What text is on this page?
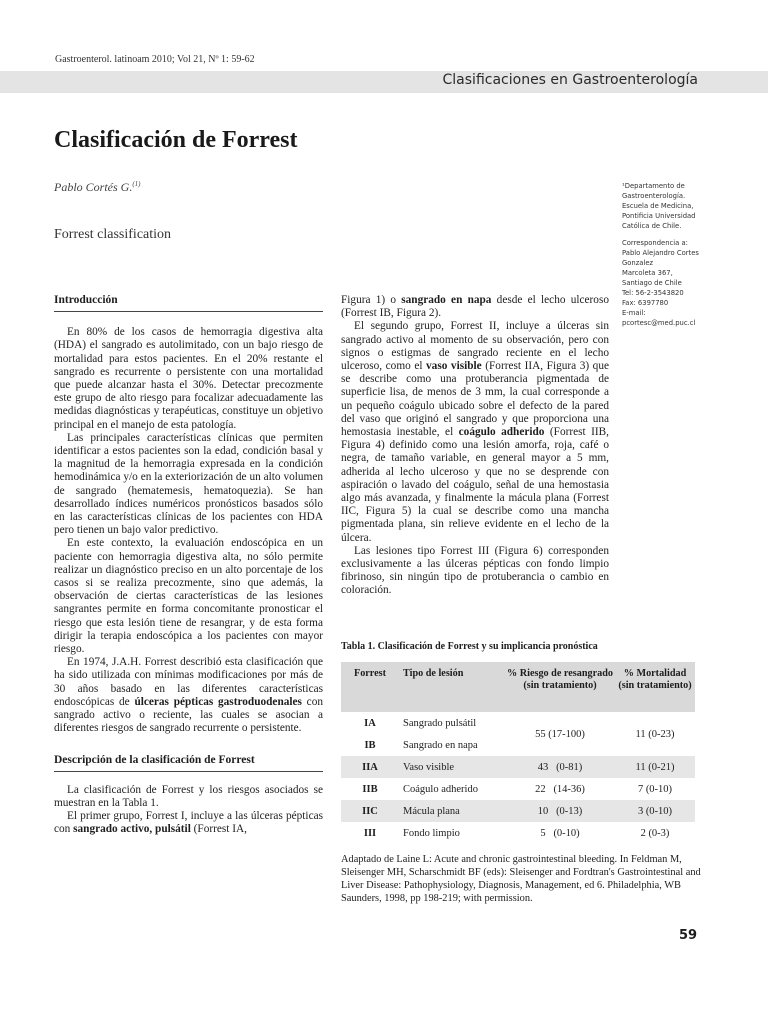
Gastroenterol. latinoam 2010; Vol 21, Nº 1: 59-62
Clasificaciones en Gastroenterología
Clasificación de Forrest
Pablo Cortés G.$^{(1)}$
Forrest classification

¹Departamento de

Gastroenterología.

Escuela de Medicina,

Pontificia Universidad

Católica de Chile.

Correspondencia a:

Pablo Alejandro Cortes

Gonzalez

Marcoleta 367,

Santiago de Chile

Tel: 56-2-3543820

Fax: 6397780

E-mail:

pcortesc@med.puc.cl

Introducción

En 80% de los casos de hemorragia digestiva alta (HDA) el sangrado es autolimitado, con un bajo riesgo de mortalidad para estos pacientes. En el 20% restante el sangrado es recurrente o persistente con una mortalidad que puede alcanzar hasta el 30%. Detectar precozmente este grupo de alto riesgo para focalizar adecuadamente las medidas diagnósticas y terapéuticas, constituye un objetivo principal en el manejo de esta patología.

Las principales características clínicas que permiten identificar a estos pacientes son la edad, condición basal y la magnitud de la hemorragia expresada en la condición hemodinámica y/o en la exteriorización de un alto volumen de sangrado (hematemesis, hematoquezia). Se han desarrollado índices numéricos pronósticos basados sólo en las características clínicas de los pacientes con HDA pero tienen un bajo valor predictivo.

En este contexto, la evaluación endoscópica en un paciente con hemorragia digestiva alta, no sólo permite realizar un diagnóstico preciso en un alto porcentaje de los casos si se realiza precozmente, sino que además, la observación de ciertas características de las lesiones sangrantes permite en forma concomitante pronosticar el riesgo que esta lesión tiene de resangrar, y de esta forma dirigir la terapia endoscópica a los pacientes con mayor riesgo.

En 1974, J.A.H. Forrest describió esta clasificación que ha sido utilizada con mínimas modificaciones por más de 30 años basado en las diferentes características endoscópicas de úlceras pépticas gastroduodenales con sangrado activo o reciente, las cuales se asocian a diferentes riesgos de sangrado recurrente o persistente.

Descripción de la clasificación de Forrest

La clasificación de Forrest y los riesgos asociados se muestran en la Tabla 1.

El primer grupo, Forrest I, incluye a las úlceras pépticas con sangrado activo, pulsátil (Forrest IA,

Figura 1) o sangrado en napa desde el lecho ulceroso (Forrest IB, Figura 2).

El segundo grupo, Forrest II, incluye a úlceras sin sangrado activo al momento de su observación, pero con signos o estigmas de sangrado reciente en el lecho ulceroso, como el vaso visible (Forrest IIA, Figura 3) que se describe como una protuberancia pigmentada de superficie lisa, de menos de 3 mm, la cual corresponde a un pequeño coágulo ubicado sobre el defecto de la pared del vaso que originó el sangrado y que proporciona una hemostasia inestable, el coágulo adherido (Forrest IIB, Figura 4) definido como una lesión amorfa, roja, café o negra, de tamaño variable, en general mayor a 5 mm, adherida al lecho ulceroso y que no se desprende con aspiración o lavado del coágulo, señal de una hemostasia algo más avanzada, y finalmente la mácula plana (Forrest IIC, Figura 5) la cual se describe como una mancha pigmentada plana, sin relieve evidente en el lecho de la úlcera.

Las lesiones tipo Forrest III (Figura 6) corresponden exclusivamente a las úlceras pépticas con fondo limpio fibrinoso, sin ningún tipo de protuberancia o cambio en coloración.

Tabla 1. Clasificación de Forrest y su implicancia pronóstica
Forrest	Tipo de lesión	% Riesgo de resangrado (sin tratamiento)	% Mortalidad (sin tratamiento)
IA	Sangrado pulsátil	55 (17-100)	11 (0-23)
IB	Sangrado en napa		
IIA	Vaso visible	43 (0-81)	11 (0-21)
IIB	Coágulo adherido	22 (14-36)	7 (0-10)
IIC	Mácula plana	10 (0-13)	3 (0-10)
III	Fondo limpio	5 (0-10)	2 (0-3)
Adaptado de Laine L: Acute and chronic gastrointestinal bleeding. In Feldman M, Sleisenger MH, Scharschmidt BF (eds): Sleisenger and Fordtran's Gastrointestinal and Liver Disease: Pathophysiology, Diagnosis, Management, ed 6. Philadelphia, WB Saunders, 1998, pp 198-219; with permission.
59
